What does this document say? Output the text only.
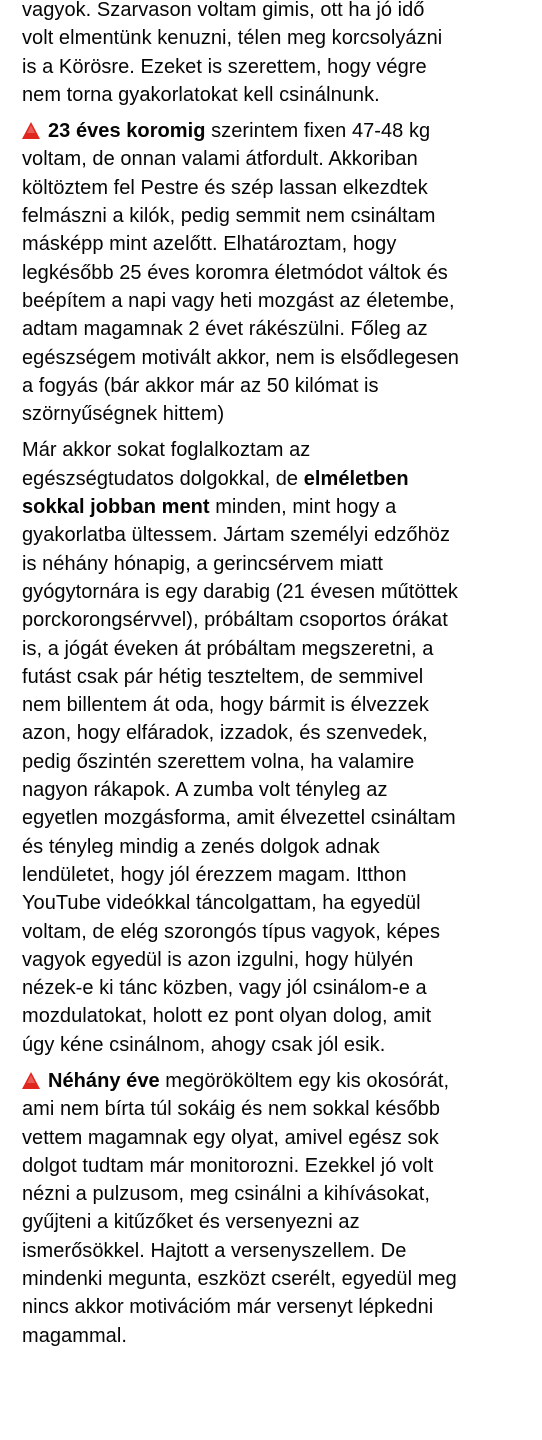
vagyok. Szarvason voltam gimis, ott ha jó idő
volt elmentünk kenuzni, télen meg korcsolyázni
is a Körösre. Ezeket is szerettem, hogy végre
nem torna gyakorlatokat kell csinálnunk.
23 éves koromig szerintem fixen 47-48 kg
voltam, de onnan valami átfordult. Akkoriban
költöztem fel Pestre és szép lassan elkezdtek
felmászni a kilók, pedig semmit nem csináltam
másképp mint azelőtt. Elhatároztam, hogy
legkésőbb 25 éves koromra életmódot váltok és
beépítem a napi vagy heti mozgást az életembe,
adtam magamnak 2 évet rákészülni. Főleg az
egészségem motivált akkor, nem is elsődlegesen
a fogyás (bár akkor már az 50 kilómat is
szörnyűségnek hittem)
Már akkor sokat foglalkoztam az
egészségtudatos dolgokkal, de elméletben
sokkal jobban ment minden, mint hogy a
gyakorlatba ültessem. Jártam személyi edzőhöz
is néhány hónapig, a gerincsérvem miatt
gyógytornára is egy darabig (21 évesen műtöttek
porckorongsérvvel), próbáltam csoportos órákat
is, a jógát éveken át próbáltam megszeretni, a
futást csak pár hétig teszteltem, de semmivel
nem billentem át oda, hogy bármit is élvezzek
azon, hogy elfáradok, izzadok, és szenvedek,
pedig őszintén szerettem volna, ha valamire
nagyon rákapok. A zumba volt tényleg az
egyetlen mozgásforma, amit élvezettel csináltam
és tényleg mindig a zenés dolgok adnak
lendületet, hogy jól érezzem magam. Itthon
YouTube videókkal táncolgattam, ha egyedül
voltam, de elég szorongós típus vagyok, képes
vagyok egyedül is azon izgulni, hogy hülyén
nézek-e ki tánc közben, vagy jól csinálom-e a
mozdulatokat, holott ez pont olyan dolog, amit
úgy kéne csinálnom, ahogy csak jól esik.
Néhány éve megörököltem egy kis okosórát,
ami nem bírta túl sokáig és nem sokkal később
vettem magamnak egy olyat, amivel egész sok
dolgot tudtam már monitorozni. Ezekkel jó volt
nézni a pulzusom, meg csinálni a kihívásokat,
gyűjteni a kitűzőket és versenyezni az
ismerősökkel. Hajtott a versenyszellem. De
mindenki megunta, eszközt cserélt, egyedül meg
nincs akkor motivációm már versenyt lépkedni
magammal.
